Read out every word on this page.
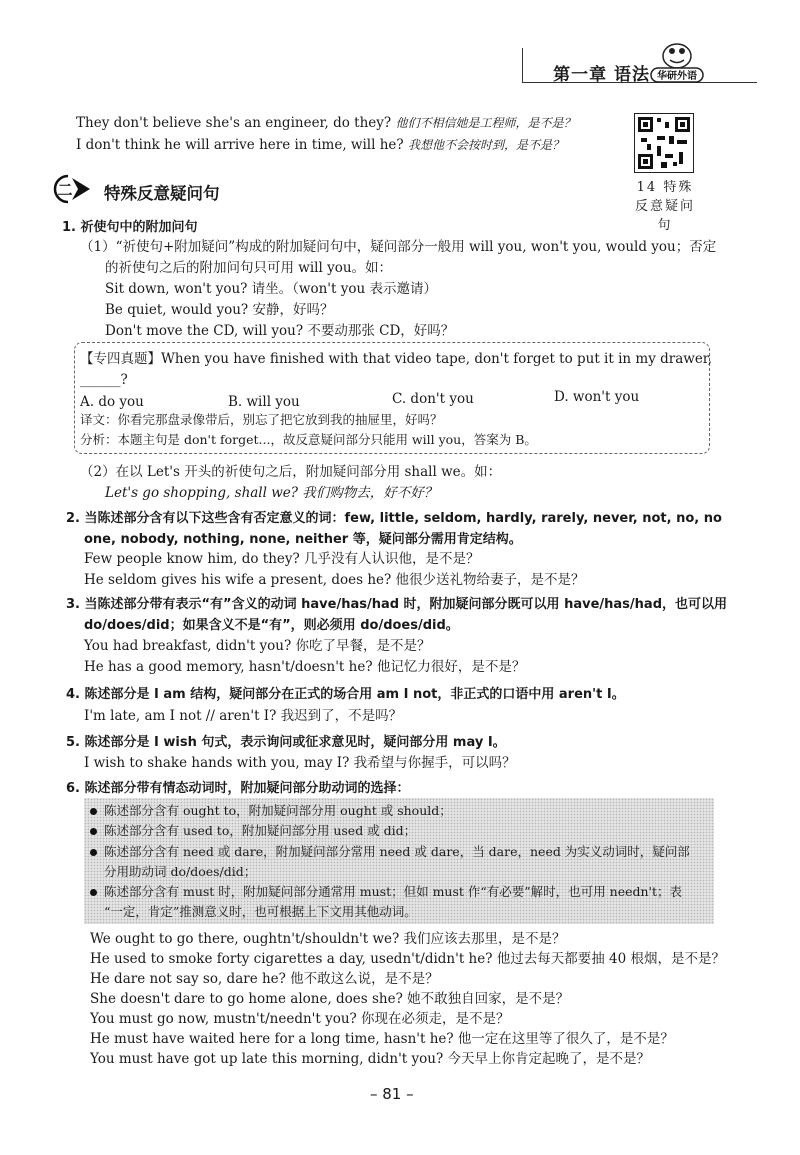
第一章 语法 华研外语
They don't believe she's an engineer, do they? 他们不相信她是工程师，是不是？
I don't think he will arrive here in time, will he? 我想他不会按时到，是不是？
14 特殊反意疑问句
二 特殊反意疑问句
1. 祈使句中的附加问句
（1）“祈使句+附加疑问”构成的附加疑问句中，疑问部分一般用 will you, won't you, would you；否定
的祈使句之后的附加问句只可用 will you。如：
Sit down, won't you? 请坐。（won't you 表示邀请）
Be quiet, would you? 安静，好吗？
Don't move the CD, will you? 不要动那张 CD，好吗？
【专四真题】When you have finished with that video tape, don't forget to put it in my drawer,
______?
A. do you	B. will you	C. don't you	D. won't you
译文：你看完那盘录像带后，别忘了把它放到我的抽屉里，好吗？
分析：本题主句是 don't forget...，故反意疑问部分只能用 will you，答案为 B。
（2）在以 Let's 开头的祈使句之后，附加疑问部分用 shall we。如：
Let's go shopping, shall we? 我们购物去，好不好？
2. 当陈述部分含有以下这些含有否定意义的词：few, little, seldom, hardly, rarely, never, not, no, no
one, nobody, nothing, none, neither 等，疑问部分需用肯定结构。
Few people know him, do they? 几乎没有人认识他，是不是？
He seldom gives his wife a present, does he? 他很少送礼物给妻子，是不是？
3. 当陈述部分带有表示“有”含义的动词 have/has/had 时，附加疑问部分既可以用 have/has/had，也可以用
do/does/did；如果含义不是“有”，则必须用 do/does/did。
You had breakfast, didn't you? 你吃了早餐，是不是？
He has a good memory, hasn't/doesn't he? 他记忆力很好，是不是？
4. 陈述部分是 I am 结构，疑问部分在正式的场合用 am I not，非正式的口语中用 aren't I。
I'm late, am I not // aren't I? 我迟到了，不是吗？
5. 陈述部分是 I wish 句式，表示询问或征求意见时，疑问部分用 may I。
I wish to shake hands with you, may I? 我希望与你握手，可以吗？
6. 陈述部分带有情态动词时，附加疑问部分助动词的选择：
陈述部分含有 ought to，附加疑问部分用 ought 或 should；
陈述部分含有 used to，附加疑问部分用 used 或 did；
陈述部分含有 need 或 dare，附加疑问部分常用 need 或 dare，当 dare，need 为实义动词时，疑问部
分用助动词 do/does/did；
陈述部分含有 must 时，附加疑问部分通常用 must；但如 must 作“有必要”解时，也可用 needn't；表
“一定，肯定”推测意义时，也可根据上下文用其他动词。
We ought to go there, oughtn't/shouldn't we? 我们应该去那里，是不是？
He used to smoke forty cigarettes a day, usedn't/didn't he? 他过去每天都要抽 40 根烟，是不是？
He dare not say so, dare he? 他不敢这么说，是不是？
She doesn't dare to go home alone, does she? 她不敢独自回家，是不是？
You must go now, mustn't/needn't you? 你现在必须走，是不是？
He must have waited here for a long time, hasn't he? 他一定在这里等了很久了，是不是？
You must have got up late this morning, didn't you? 今天早上你肯定起晚了，是不是？
– 81 –
